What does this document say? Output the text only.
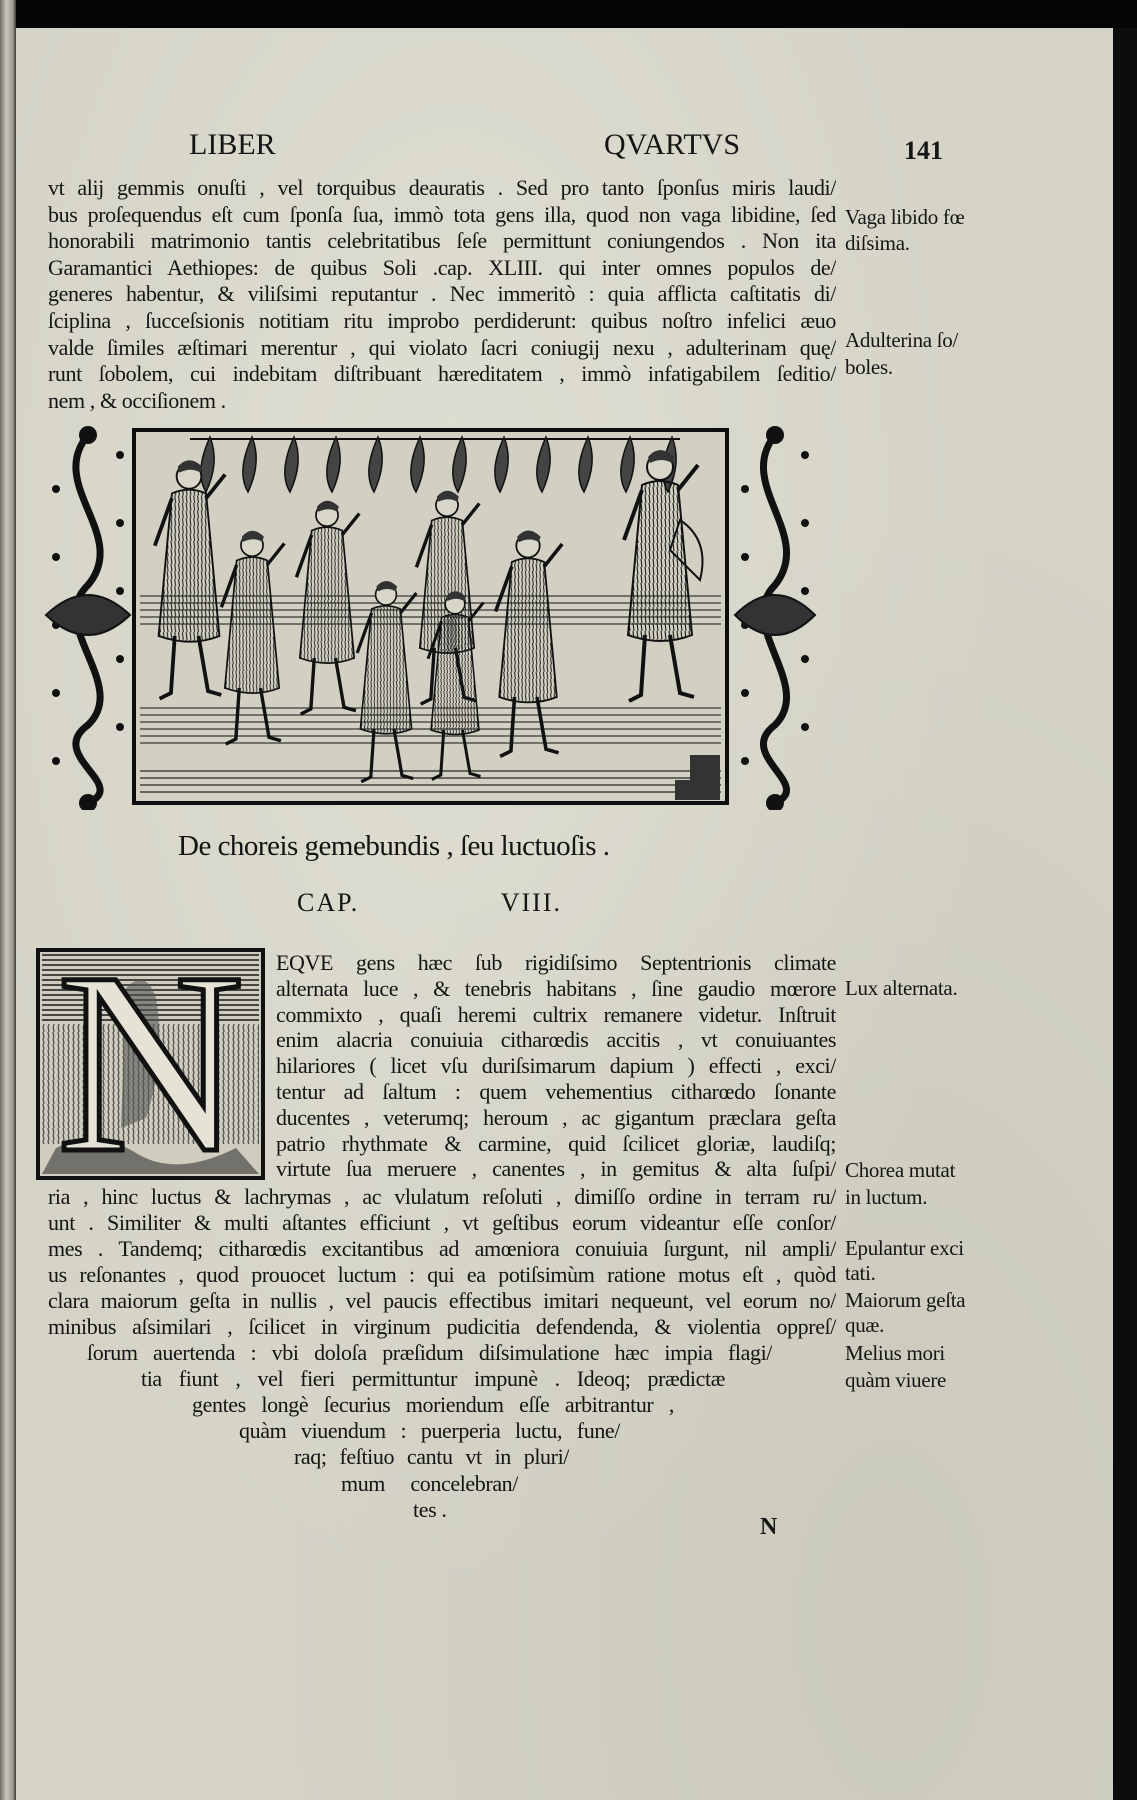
LIBER QVARTVS	141
vt alij gemmis onuſti , vel torquibus deauratis . Sed pro tanto ſponſus miris laudi/
bus proſequendus eſt cum ſponſa ſua, immò tota gens illa, quod non vaga libidine, ſed
honorabili matrimonio tantis celebritatibus ſeſe permittunt coniungendos . Non ita
Garamantici Aethiopes: de quibus Soli .cap. XLIII. qui inter omnes populos de/
generes habentur, & viliſsimi reputantur . Nec immeritò : quia afflicta caſtitatis di/
ſciplina , ſucceſsionis notitiam ritu improbo perdiderunt: quibus noſtro infelici æuo
valde ſimiles æſtimari merentur , qui violato ſacri coniugij nexu , adulterinam quę/
runt ſobolem, cui indebitam diſtribuant hæreditatem , immò infatigabilem ſeditio/
nem , & occiſionem .
De choreis gemebundis , ſeu luctuoſis .
CAP. VIII.
N	EQVE gens hæc ſub rigidiſsimo Septentrionis climate
alternata luce , & tenebris habitans , ſine gaudio mœrore
commixto , quaſi heremi cultrix remanere videtur. Inſtruit
enim alacria conuiuia citharœdis accitis , vt conuiuantes
hilariores ( licet vſu duriſsimarum dapium ) effecti , exci/
tentur ad ſaltum : quem vehementius citharœdo ſonante
ducentes , veterumq; heroum , ac gigantum præclara geſta
patrio rhythmate & carmine, quid ſcilicet gloriæ, laudiſq;
virtute ſua meruere , canentes , in gemitus & alta ſuſpi/
ria , hinc luctus & lachrymas , ac vlulatum reſoluti , dimiſſo ordine in terram ru/
unt . Similiter & multi aſtantes efficiunt , vt geſtibus eorum videantur eſſe conſor/
mes . Tandemq; citharœdis excitantibus ad amœniora conuiuia ſurgunt, nil ampli/
us reſonantes , quod prouocet luctum : qui ea potiſsimùm ratione motus eſt , quòd
clara maiorum geſta in nullis , vel paucis effectibus imitari nequeunt, vel eorum no/
minibus aſsimilari , ſcilicet in virginum pudicitia defendenda, & violentia oppreſ/
ſorum auertenda : vbi doloſa præſidum diſsimulatione hæc impia flagi/
tia fiunt , vel fieri permittuntur impunè . Ideoq; prædictæ
gentes longè ſecurius moriendum eſſe arbitrantur ,
quàm viuendum : puerperia luctu, fune/
raq; feſtiuo cantu vt in pluri/
mum concelebran/
tes .
Vaga libido fœ
diſsima.
Adulterina ſo/
boles.
Lux alternata.
Chorea mutat
in luctum.
Epulantur exci
tati.
Maiorum geſta
quæ.
Melius mori
quàm viuere
N
